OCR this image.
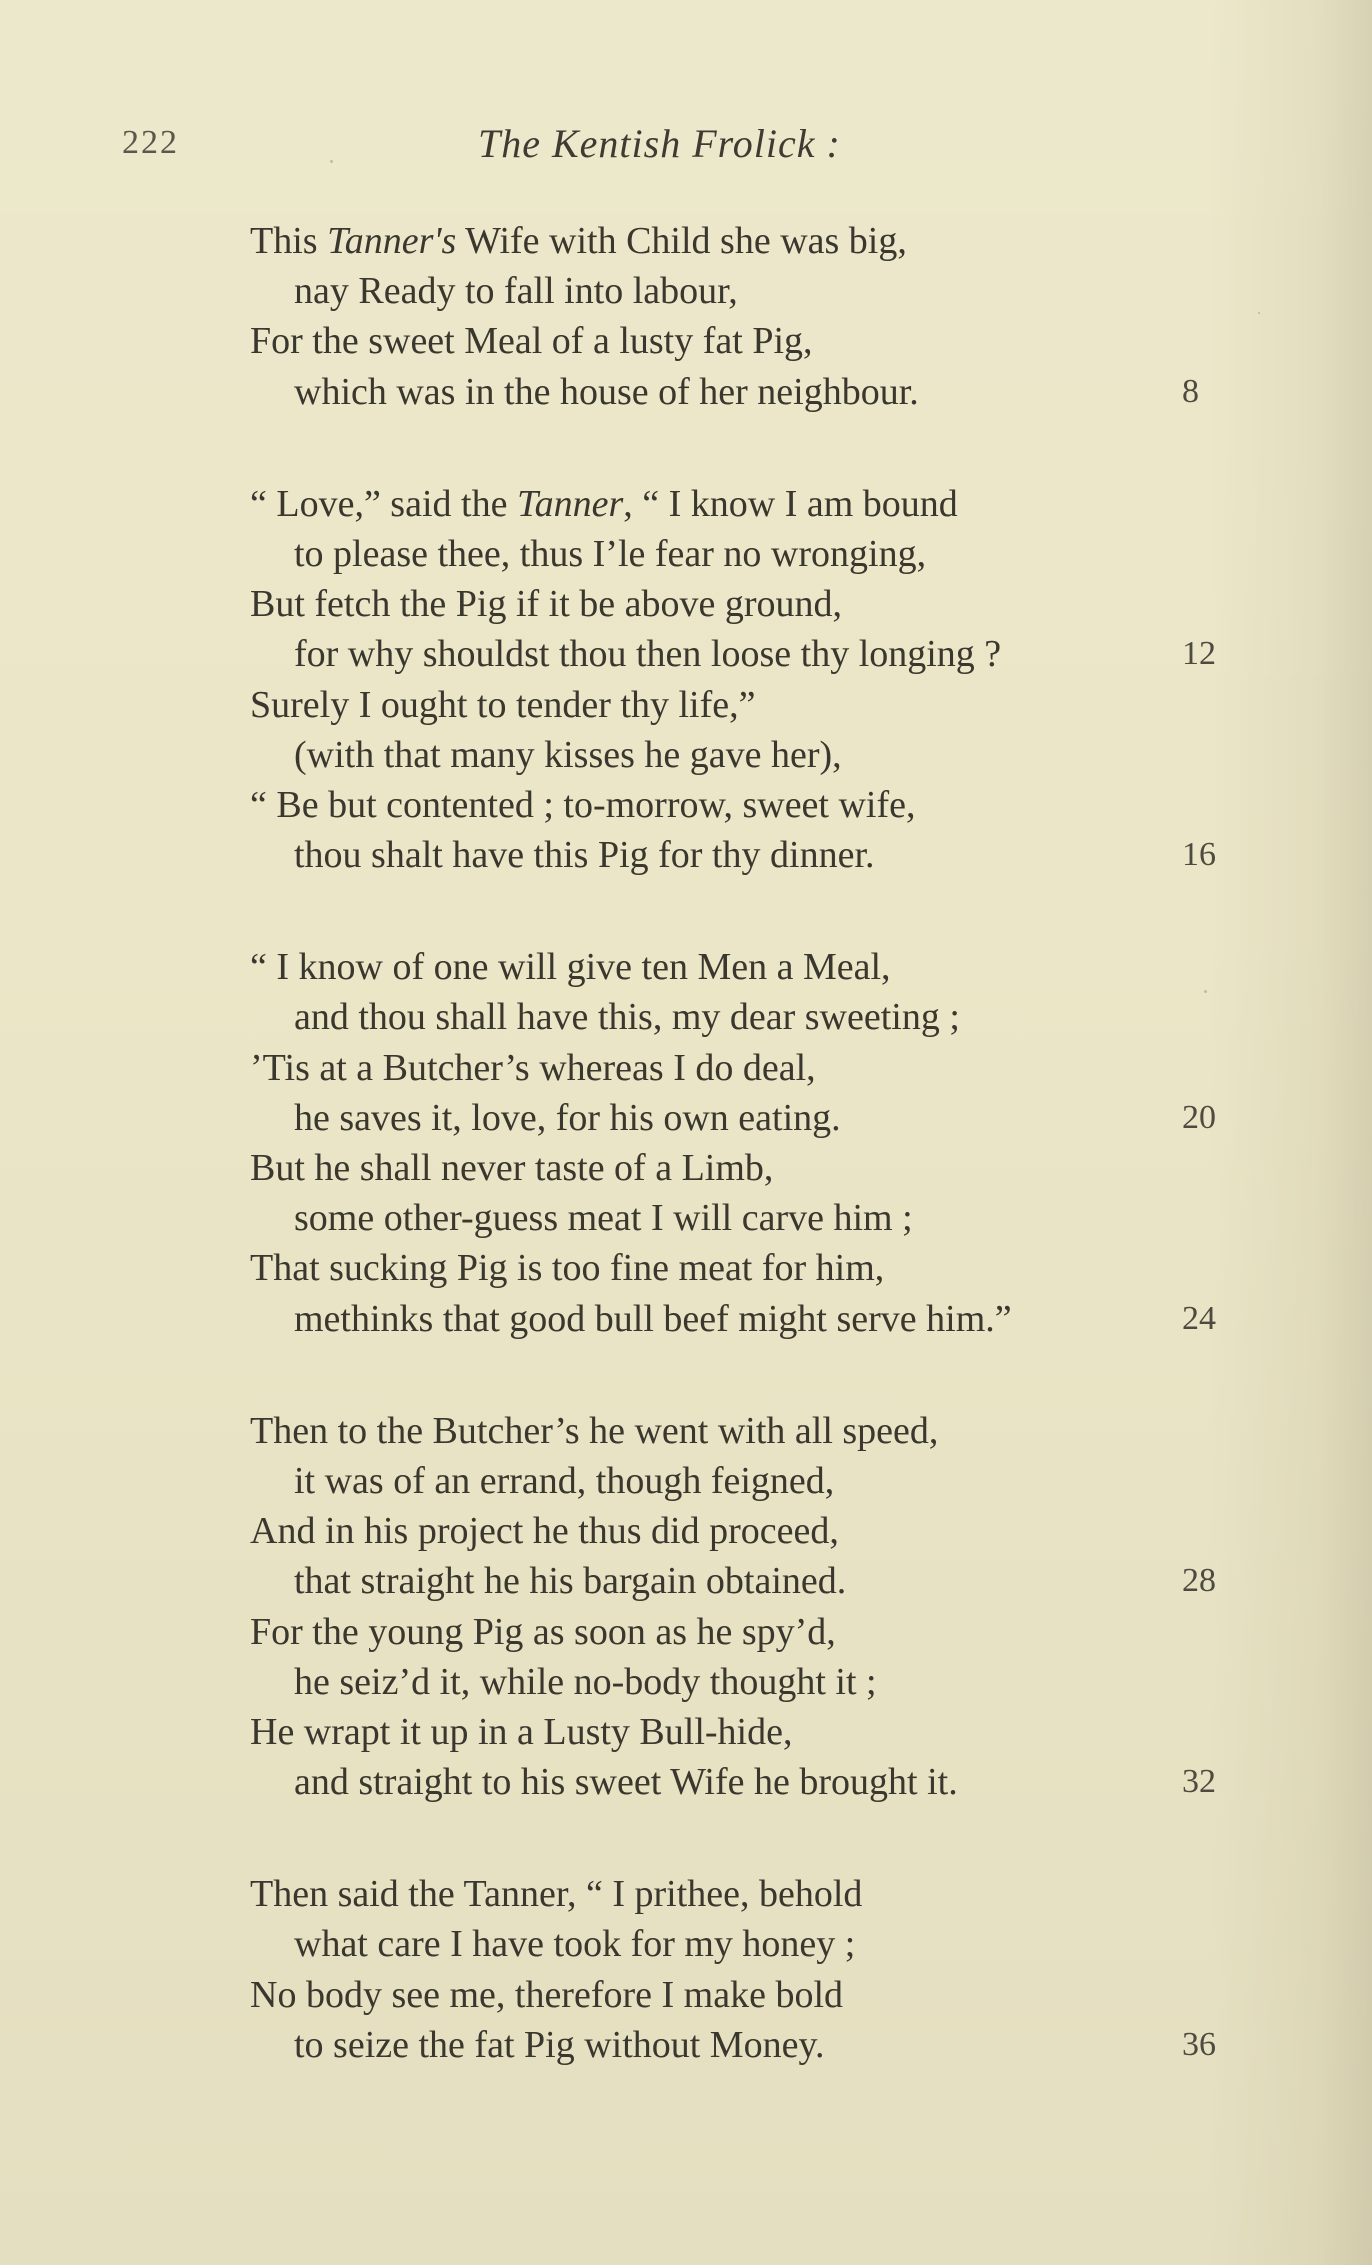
222	The Kentish Frolick :
This Tanner's Wife with Child she was big,
nay Ready to fall into labour,
For the sweet Meal of a lusty fat Pig,
which was in the house of her neighbour.	8
“ Love,” said the Tanner, “ I know I am bound
to please thee, thus I’le fear no wronging,
But fetch the Pig if it be above ground,
for why shouldst thou then loose thy longing ?	12
Surely I ought to tender thy life,”
(with that many kisses he gave her),
“ Be but contented ; to-morrow, sweet wife,
thou shalt have this Pig for thy dinner.	16
“ I know of one will give ten Men a Meal,
and thou shall have this, my dear sweeting ;
’Tis at a Butcher’s whereas I do deal,
he saves it, love, for his own eating.	20
But he shall never taste of a Limb,
some other-guess meat I will carve him ;
That sucking Pig is too fine meat for him,
methinks that good bull beef might serve him.”	24
Then to the Butcher’s he went with all speed,
it was of an errand, though feigned,
And in his project he thus did proceed,
that straight he his bargain obtained.	28
For the young Pig as soon as he spy’d,
he seiz’d it, while no-body thought it ;
He wrapt it up in a Lusty Bull-hide,
and straight to his sweet Wife he brought it.	32
Then said the Tanner, “ I prithee, behold
what care I have took for my honey ;
No body see me, therefore I make bold
to seize the fat Pig without Money.	36
